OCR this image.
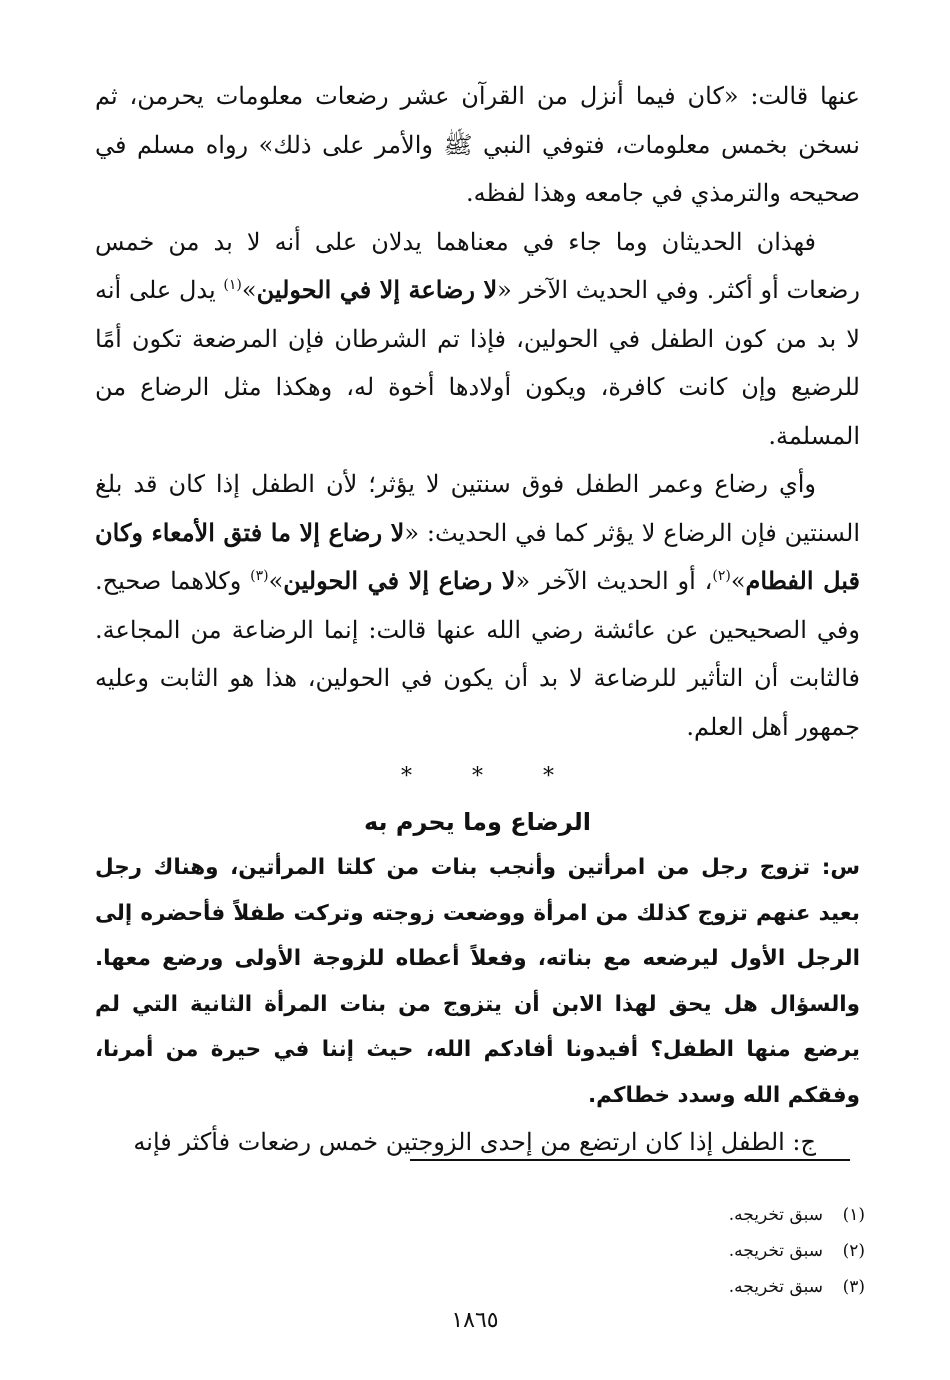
عنها قالت: «كان فيما أنزل من القرآن عشر رضعات معلومات يحرمن، ثم نسخن بخمس معلومات، فتوفي النبي ﷺ والأمر على ذلك» رواه مسلم في صحيحه والترمذي في جامعه وهذا لفظه.

فهذان الحديثان وما جاء في معناهما يدلان على أنه لا بد من خمس رضعات أو أكثر. وفي الحديث الآخر «لا رضاعة إلا في الحولين»$^{(١)}$ يدل على أنه لا بد من كون الطفل في الحولين، فإذا تم الشرطان فإن المرضعة تكون أمًا للرضيع وإن كانت كافرة، ويكون أولادها أخوة له، وهكذا مثل الرضاع من المسلمة.

وأي رضاع وعمر الطفل فوق سنتين لا يؤثر؛ لأن الطفل إذا كان قد بلغ السنتين فإن الرضاع لا يؤثر كما في الحديث: «لا رضاع إلا ما فتق الأمعاء وكان قبل الفطام»$^{(٢)}$، أو الحديث الآخر «لا رضاع إلا في الحولين»$^{(٣)}$ وكلاهما صحيح. وفي الصحيحين عن عائشة رضي الله عنها قالت: إنما الرضاعة من المجاعة. فالثابت أن التأثير للرضاعة لا بد أن يكون في الحولين، هذا هو الثابت وعليه جمهور أهل العلم.

***
الرضاع وما يحرم به

س: تزوج رجل من امرأتين وأنجب بنات من كلتا المرأتين، وهناك رجل بعيد عنهم تزوج كذلك من امرأة ووضعت زوجته وتركت طفلاً فأحضره إلى الرجل الأول ليرضعه مع بناته، وفعلاً أعطاه للزوجة الأولى ورضع معها. والسؤال هل يحق لهذا الابن أن يتزوج من بنات المرأة الثانية التي لم يرضع منها الطفل؟ أفيدونا أفادكم الله، حيث إننا في حيرة من أمرنا، وفقكم الله وسدد خطاكم.

ج: الطفل إذا كان ارتضع من إحدى الزوجتين خمس رضعات فأكثر فإنه

(١)سبق تخريجه.
(٢)سبق تخريجه.
(٣)سبق تخريجه.
١٨٦٥
